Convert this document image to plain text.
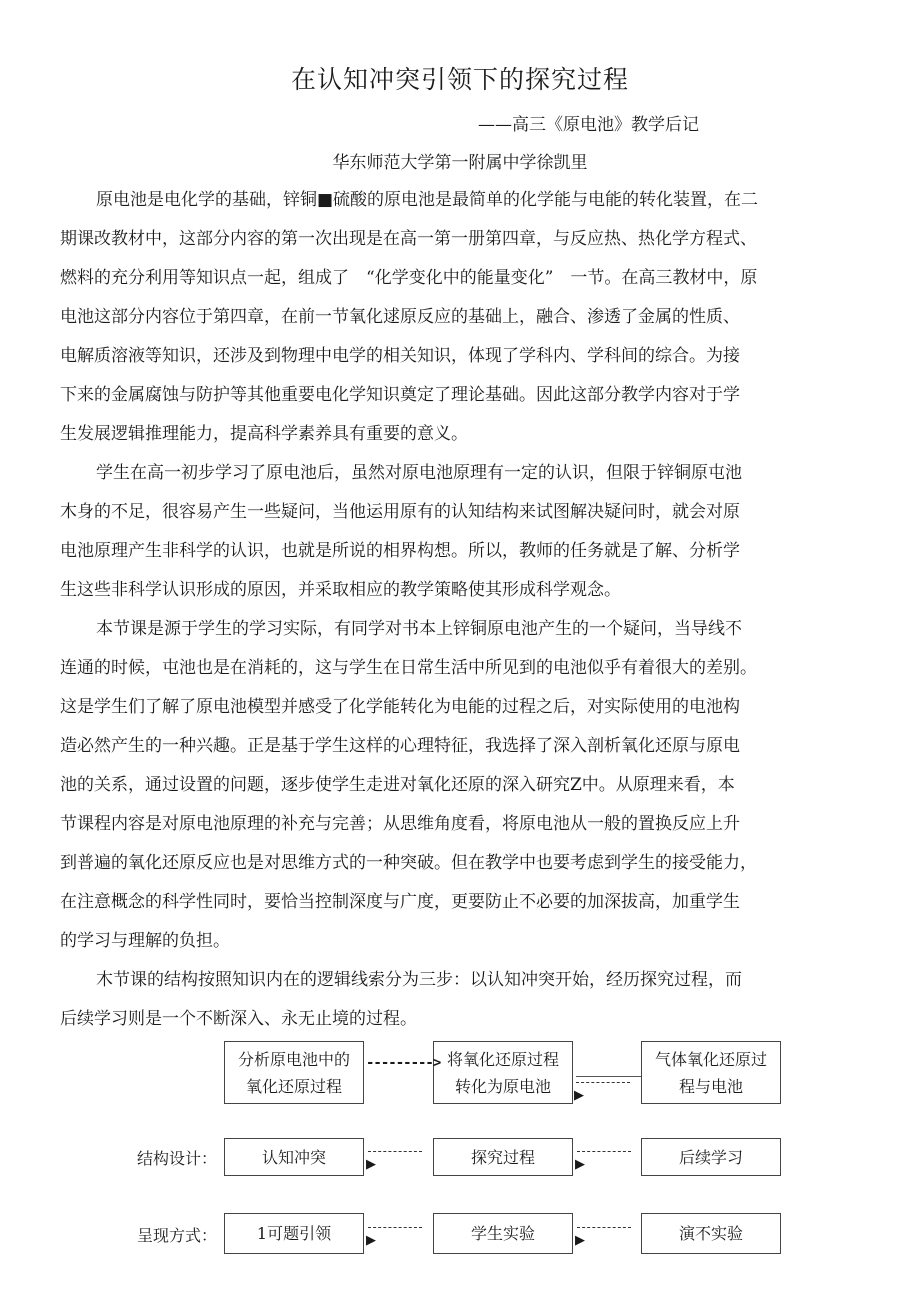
在认知冲突引领下的探究过程
——高三《原电池》教学后记
华东师范大学第一附属中学徐凯里
原电池是电化学的基础，锌铜■硫酸的原电池是最简单的化学能与电能的转化装置，在二
期课改教材中，这部分内容的第一次出现是在高一第一册第四章，与反应热、热化学方程式、
燃料的充分利用等知识点一起，组成了　“化学变化中的能量变化”　一节。在高三教材中，原
电池这部分内容位于第四章，在前一节氧化逑原反应的基础上，融合、渗透了金属的性质、
电解质溶液等知识，还涉及到物理中电学的相关知识，体现了学科内、学科间的综合。为接
下来的金属腐蚀与防护等其他重要电化学知识奠定了理论基础。因此这部分教学内容对于学
生发展逻辑推理能力，提高科学素养具有重要的意义。
学生在高一初步学习了原电池后，虽然对原电池原理有一定的认识，但限于锌铜原屯池
木身的不足，很容易产生一些疑问，当他运用原有的认知结构来试图解决疑问时，就会对原
电池原理产生非科学的认识，也就是所说的相界构想。所以，教师的任务就是了解、分析学
生这些非科学认识形成的原因，并采取相应的教学策略使其形成科学观念。
本节课是源于学生的学习实际，有同学对书本上锌铜原电池产生的一个疑问，当导线不
连通的时候，屯池也是在消耗的，这与学生在日常生活中所见到的电池似乎有着很大的差别。
这是学生们了解了原电池模型并感受了化学能转化为电能的过程之后，对实际使用的电池构
造必然产生的一种兴趣。正是基于学生这样的心理特征，我选择了深入剖析氧化还原与原电
池的关系，通过设置的问题，逐步使学生走进对氧化还原的深入研究Z中。从原理来看，本
节课程内容是对原电池原理的补充与完善；从思维角度看，将原电池从一般的置换反应上升
到普遍的氧化还原反应也是对思维方式的一种突破。但在教学中也要考虑到学生的接受能力，
在注意概念的科学性同时，要恰当控制深度与广度，更要防止不必要的加深拔高，加重学生
的学习与理解的负担。
木节课的结构按照知识内在的逻辑线索分为三步：以认知冲突开始，经历探究过程，而
后续学习则是一个不断深入、永无止境的过程。
分析原电池中的
氧化还原过程
将氧化还原过程
转化为原电池
气体氧化还原过
程与电池
--------->
▶
结构设计：	认知冲突	探究过程	后续学习
▶	▶
呈现方式：	1可题引领	学生实验	演不实验
▶	▶
